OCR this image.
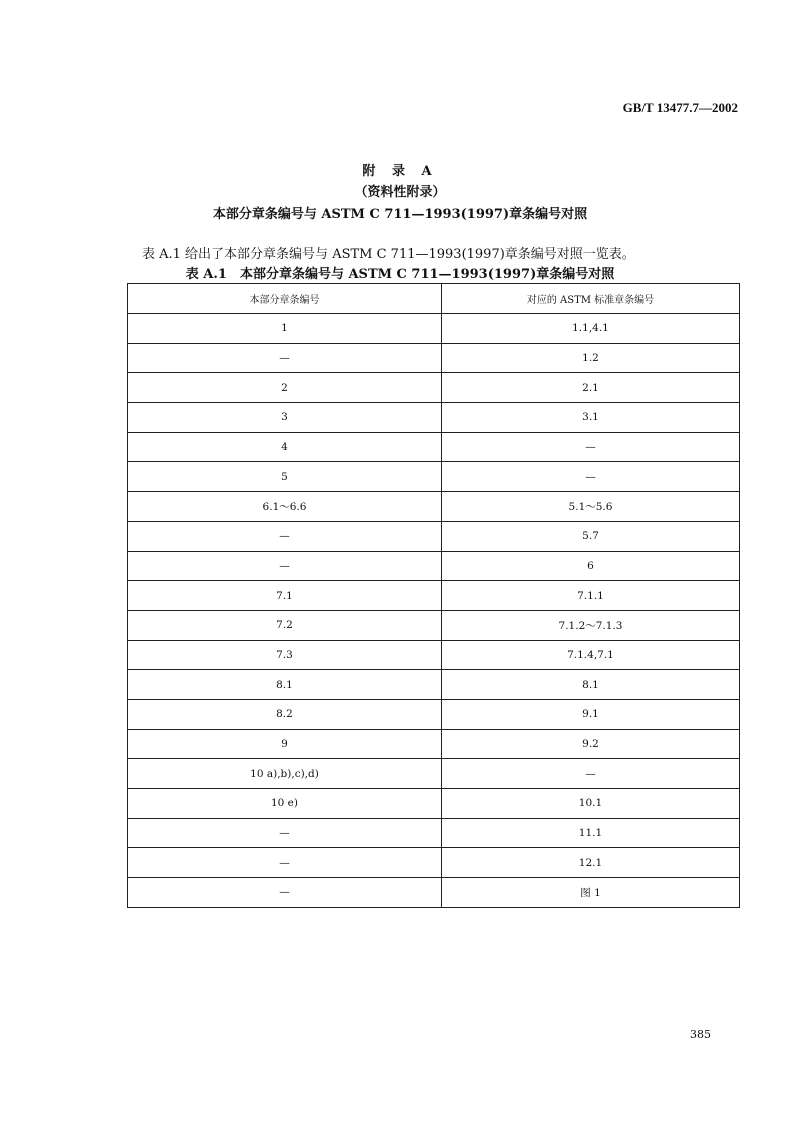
GB/T 13477.7—2002
附 录 A
（资料性附录）
本部分章条编号与 ASTM C 711—1993(1997)章条编号对照
表 A.1 给出了本部分章条编号与 ASTM C 711—1993(1997)章条编号对照一览表。
表 A.1　本部分章条编号与 ASTM C 711—1993(1997)章条编号对照
本部分章条编号	对应的 ASTM 标准章条编号
1	1.1,4.1
—	1.2
2	2.1
3	3.1
4	—
5	—
6.1～6.6	5.1～5.6
—	5.7
—	6
7.1	7.1.1
7.2	7.1.2～7.1.3
7.3	7.1.4,7.1
8.1	8.1
8.2	9.1
9	9.2
10 a),b),c),d)	—
10 e)	10.1
—	11.1
—	12.1
—	图 1
385
